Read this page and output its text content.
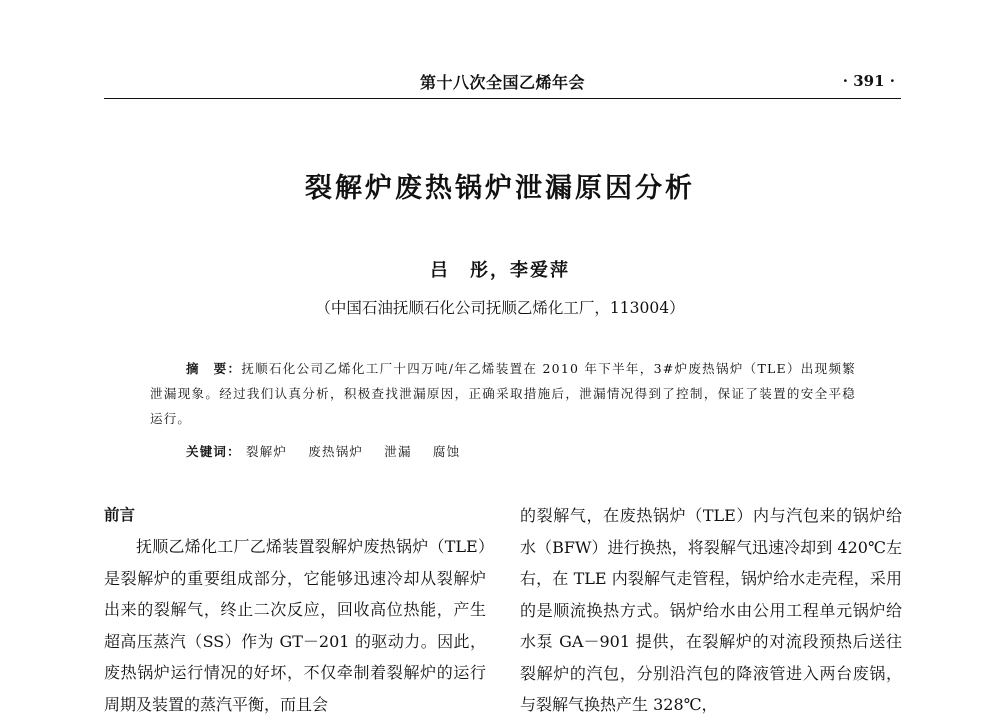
第十八次全国乙烯年会	· 391 ·
裂解炉废热锅炉泄漏原因分析
吕　彤，李爱萍
（中国石油抚顺石化公司抚顺乙烯化工厂，113004）
摘　要：抚顺石化公司乙烯化工厂十四万吨/年乙烯装置在 2010 年下半年，3#炉废热锅炉（TLE）出现频繁泄漏现象。经过我们认真分析，积极查找泄漏原因，正确采取措施后，泄漏情况得到了控制，保证了装置的安全平稳运行。
关键词： 裂解炉 废热锅炉 泄漏 腐蚀
前言

抚顺乙烯化工厂乙烯装置裂解炉废热锅炉（TLE）是裂解炉的重要组成部分，它能够迅速冷却从裂解炉出来的裂解气，终止二次反应，回收高位热能，产生超高压蒸汽（SS）作为 GT－201 的驱动力。因此，废热锅炉运行情况的好坏，不仅牵制着裂解炉的运行周期及装置的蒸汽平衡，而且会

的裂解气，在废热锅炉（TLE）内与汽包来的锅炉给水（BFW）进行换热，将裂解气迅速冷却到 420℃左右，在 TLE 内裂解气走管程，锅炉给水走壳程，采用的是顺流换热方式。锅炉给水由公用工程单元锅炉给水泵 GA－901 提供，在裂解炉的对流段预热后送往裂解炉的汽包，分别沿汽包的降液管进入两台废锅，与裂解气换热产生 328℃，
